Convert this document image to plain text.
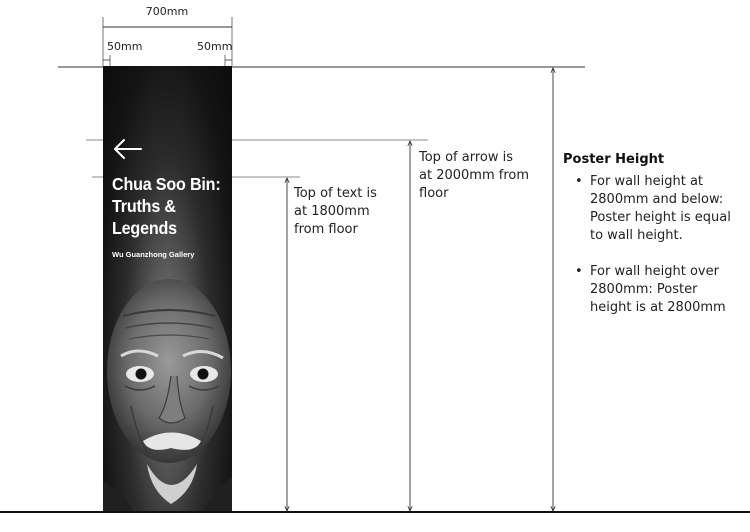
700mm
50mm	50mm
Chua Soo Bin: Truths & Legends
Wu Guanzhong Gallery
Top of text is at 1800mm from floor
Top of arrow is at 2000mm from floor
Poster Height
• For wall height at 2800mm and below: Poster height is equal to wall height.
• For wall height over 2800mm: Poster height is at 2800mm
